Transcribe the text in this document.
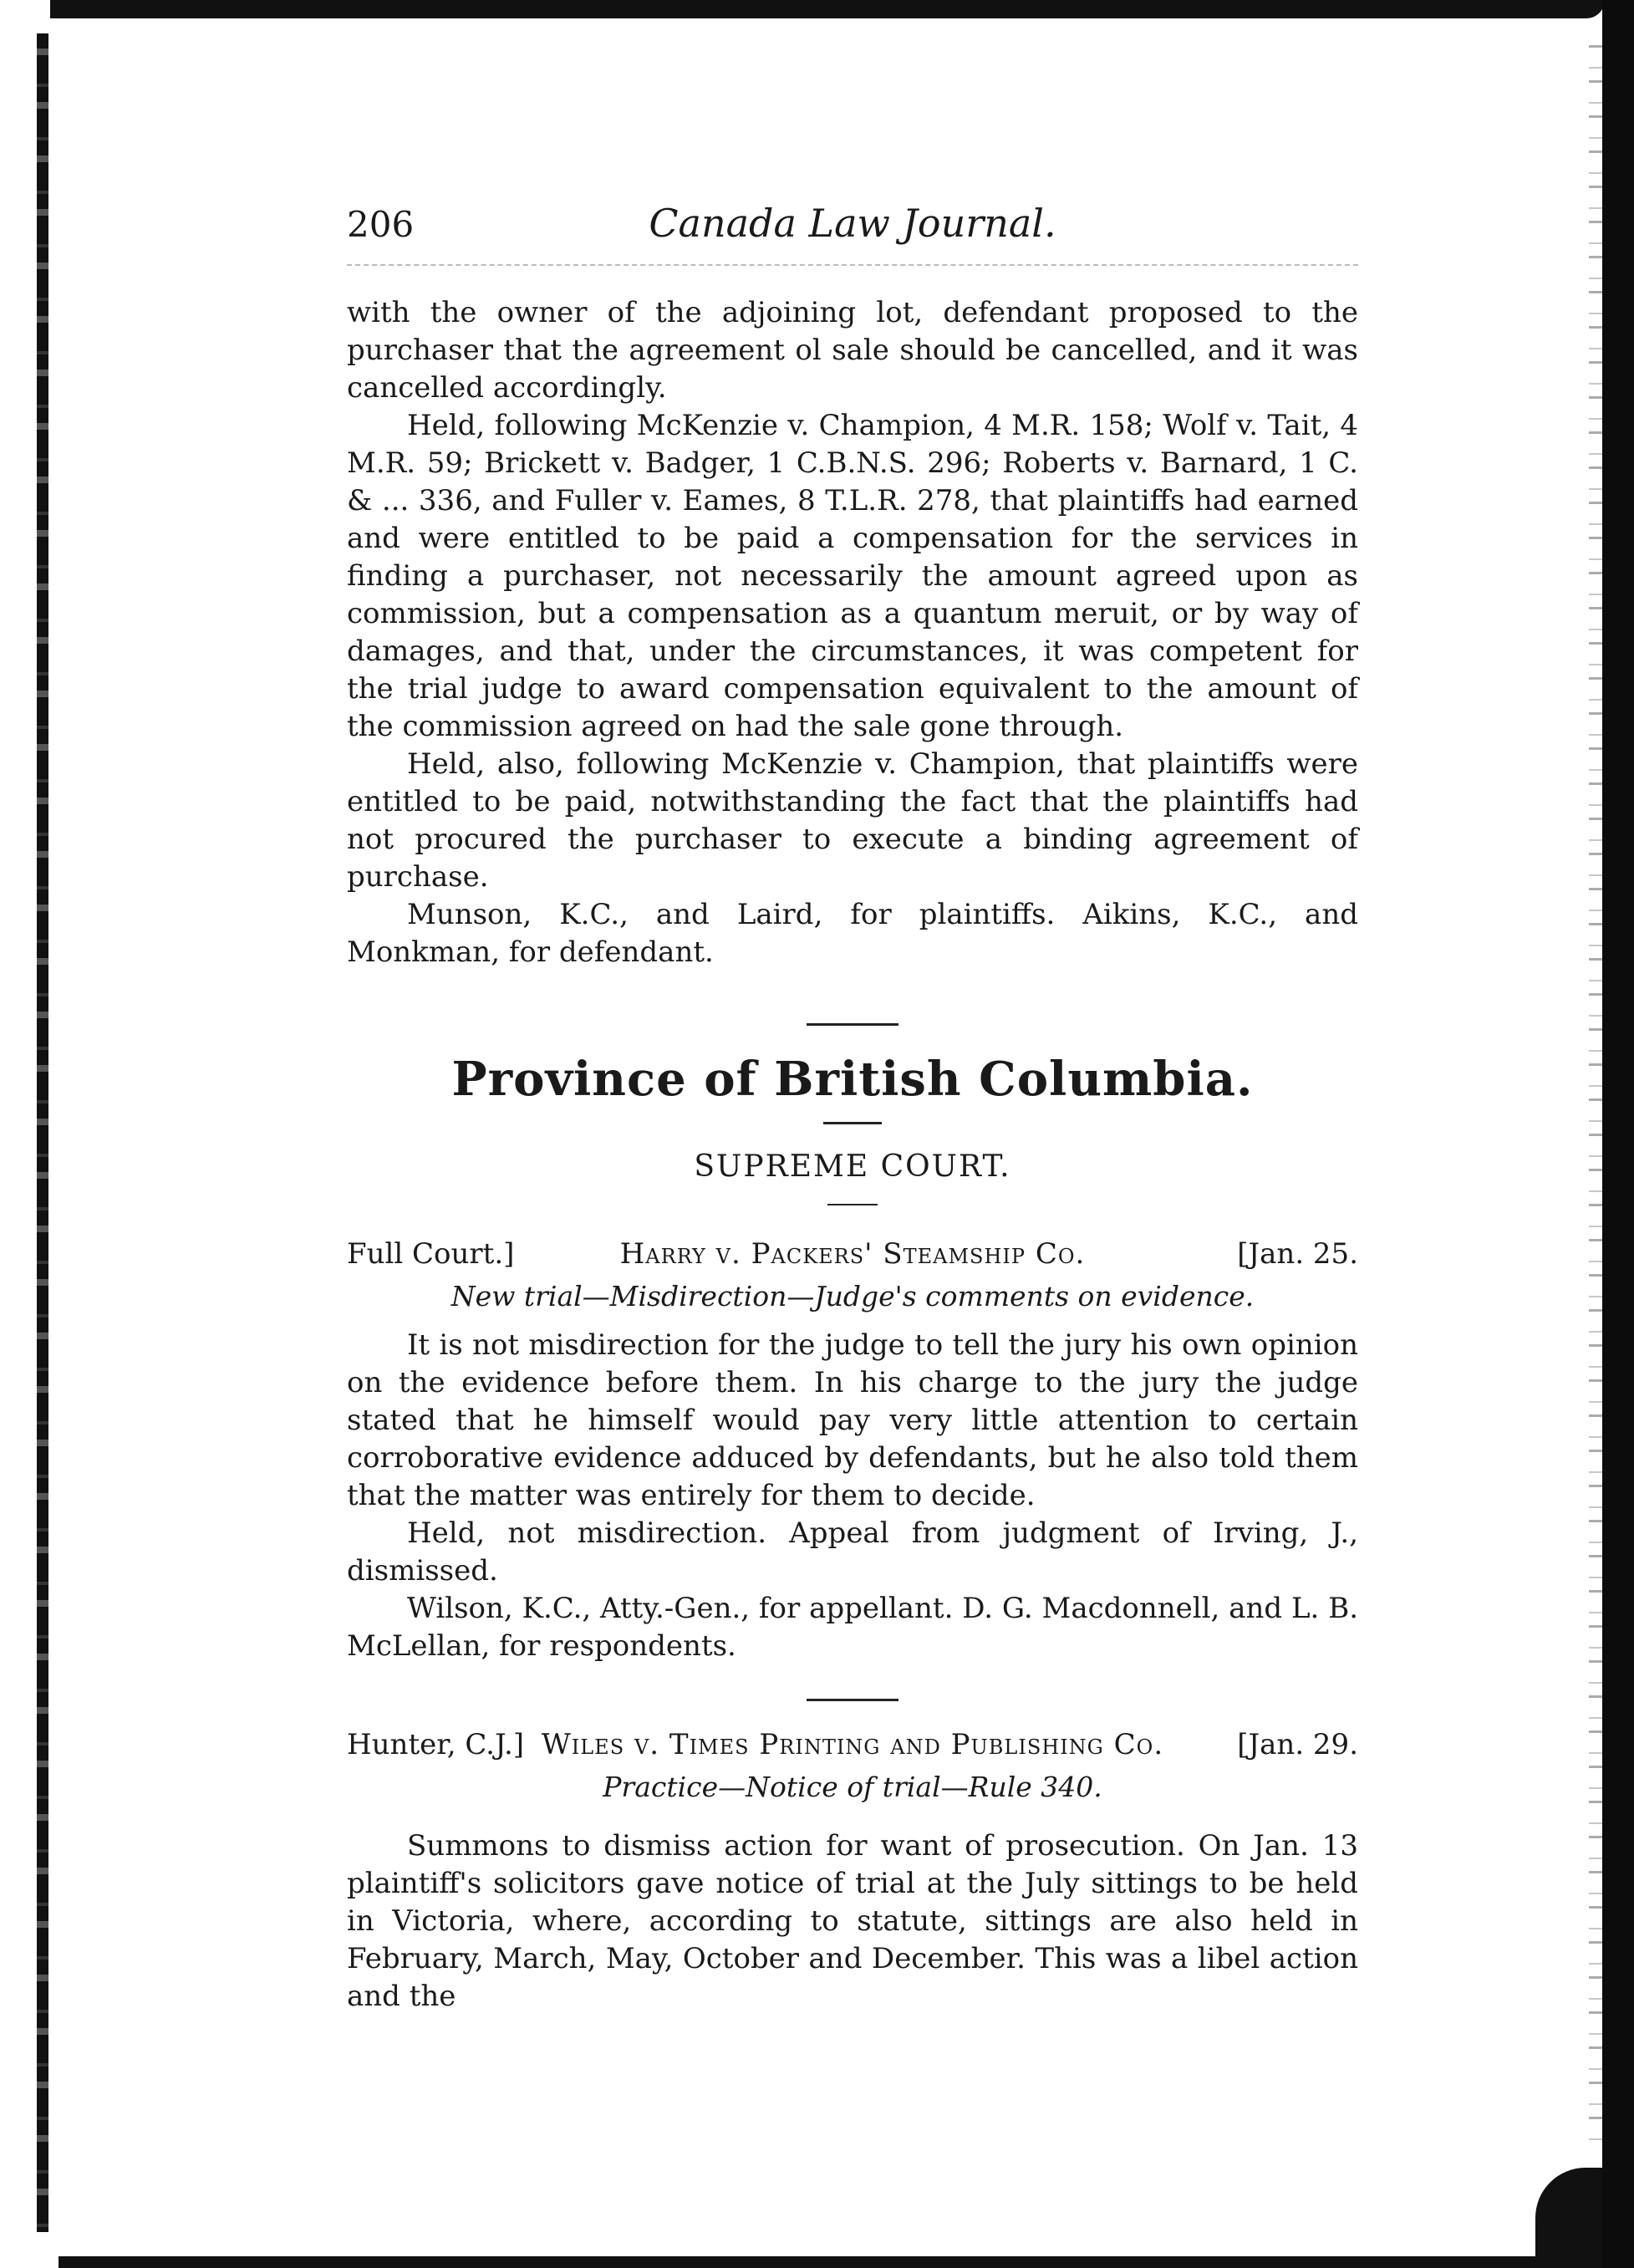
206	Canada Law Journal.

with the owner of the adjoining lot, defendant proposed to the purchaser that the agreement ol sale should be cancelled, and it was cancelled accordingly.

Held, following McKenzie v. Champion, 4 M.R. 158; Wolf v. Tait, 4 M.R. 59; Brickett v. Badger, 1 C.B.N.S. 296; Roberts v. Barnard, 1 C. & ... 336, and Fuller v. Eames, 8 T.L.R. 278, that plaintiffs had earned and were entitled to be paid a compensation for the services in finding a purchaser, not necessarily the amount agreed upon as commission, but a compensation as a quantum meruit, or by way of damages, and that, under the circumstances, it was competent for the trial judge to award compensation equivalent to the amount of the commission agreed on had the sale gone through.

Held, also, following McKenzie v. Champion, that plaintiffs were entitled to be paid, notwithstanding the fact that the plaintiffs had not procured the purchaser to execute a binding agreement of purchase.

Munson, K.C., and Laird, for plaintiffs. Aikins, K.C., and Monkman, for defendant.

Province of British Columbia.
SUPREME COURT.
Full Court.]	Harry v. Packers' Steamship Co.	[Jan. 25.
New trial—Misdirection—Judge's comments on evidence.

It is not misdirection for the judge to tell the jury his own opinion on the evidence before them. In his charge to the jury the judge stated that he himself would pay very little attention to certain corroborative evidence adduced by defendants, but he also told them that the matter was entirely for them to decide.

Held, not misdirection. Appeal from judgment of Irving, J., dismissed.

Wilson, K.C., Atty.-Gen., for appellant. D. G. Macdonnell, and L. B. McLellan, for respondents.

Hunter, C.J.] Wiles v. Times Printing and Publishing Co.	[Jan. 29.
Practice—Notice of trial—Rule 340.

Summons to dismiss action for want of prosecution. On Jan. 13 plaintiff's solicitors gave notice of trial at the July sittings to be held in Victoria, where, according to statute, sittings are also held in February, March, May, October and December. This was a libel action and the
